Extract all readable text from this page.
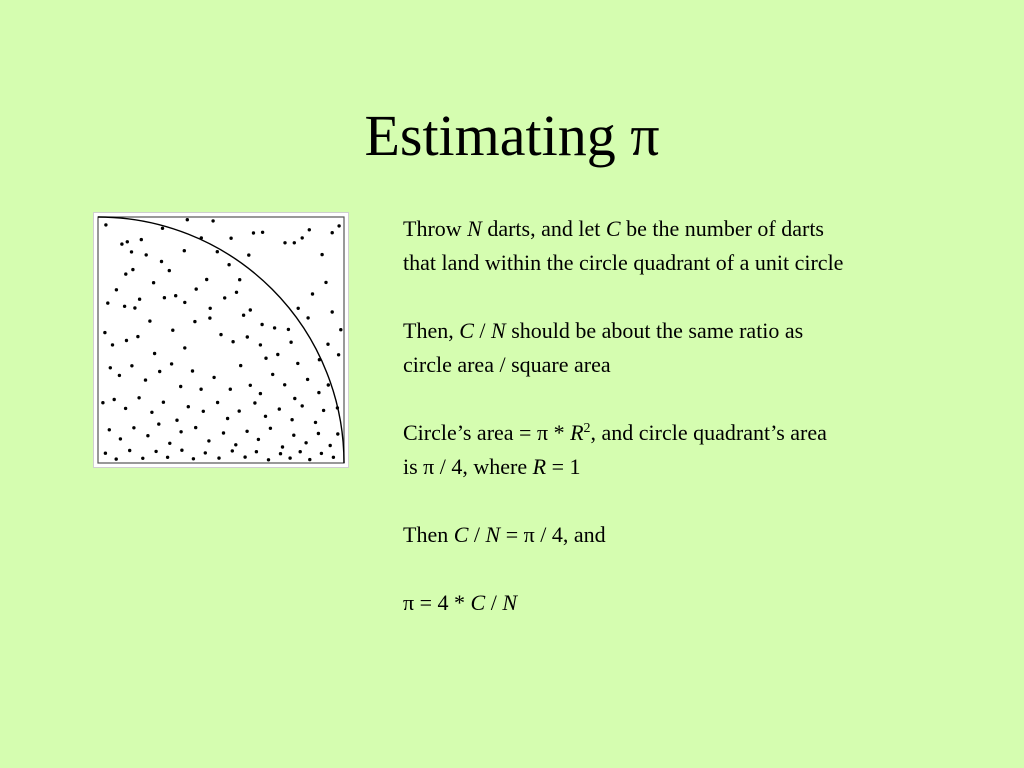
Estimating π

Throw N darts, and let C be the number of darts
that land within the circle quadrant of a unit circle

Then, C / N should be about the same ratio as
circle area / square area

Circle’s area = π * $R^2$, and circle quadrant’s area
is π / 4, where R = 1

Then C / N = π / 4, and

π = 4 * C / N
